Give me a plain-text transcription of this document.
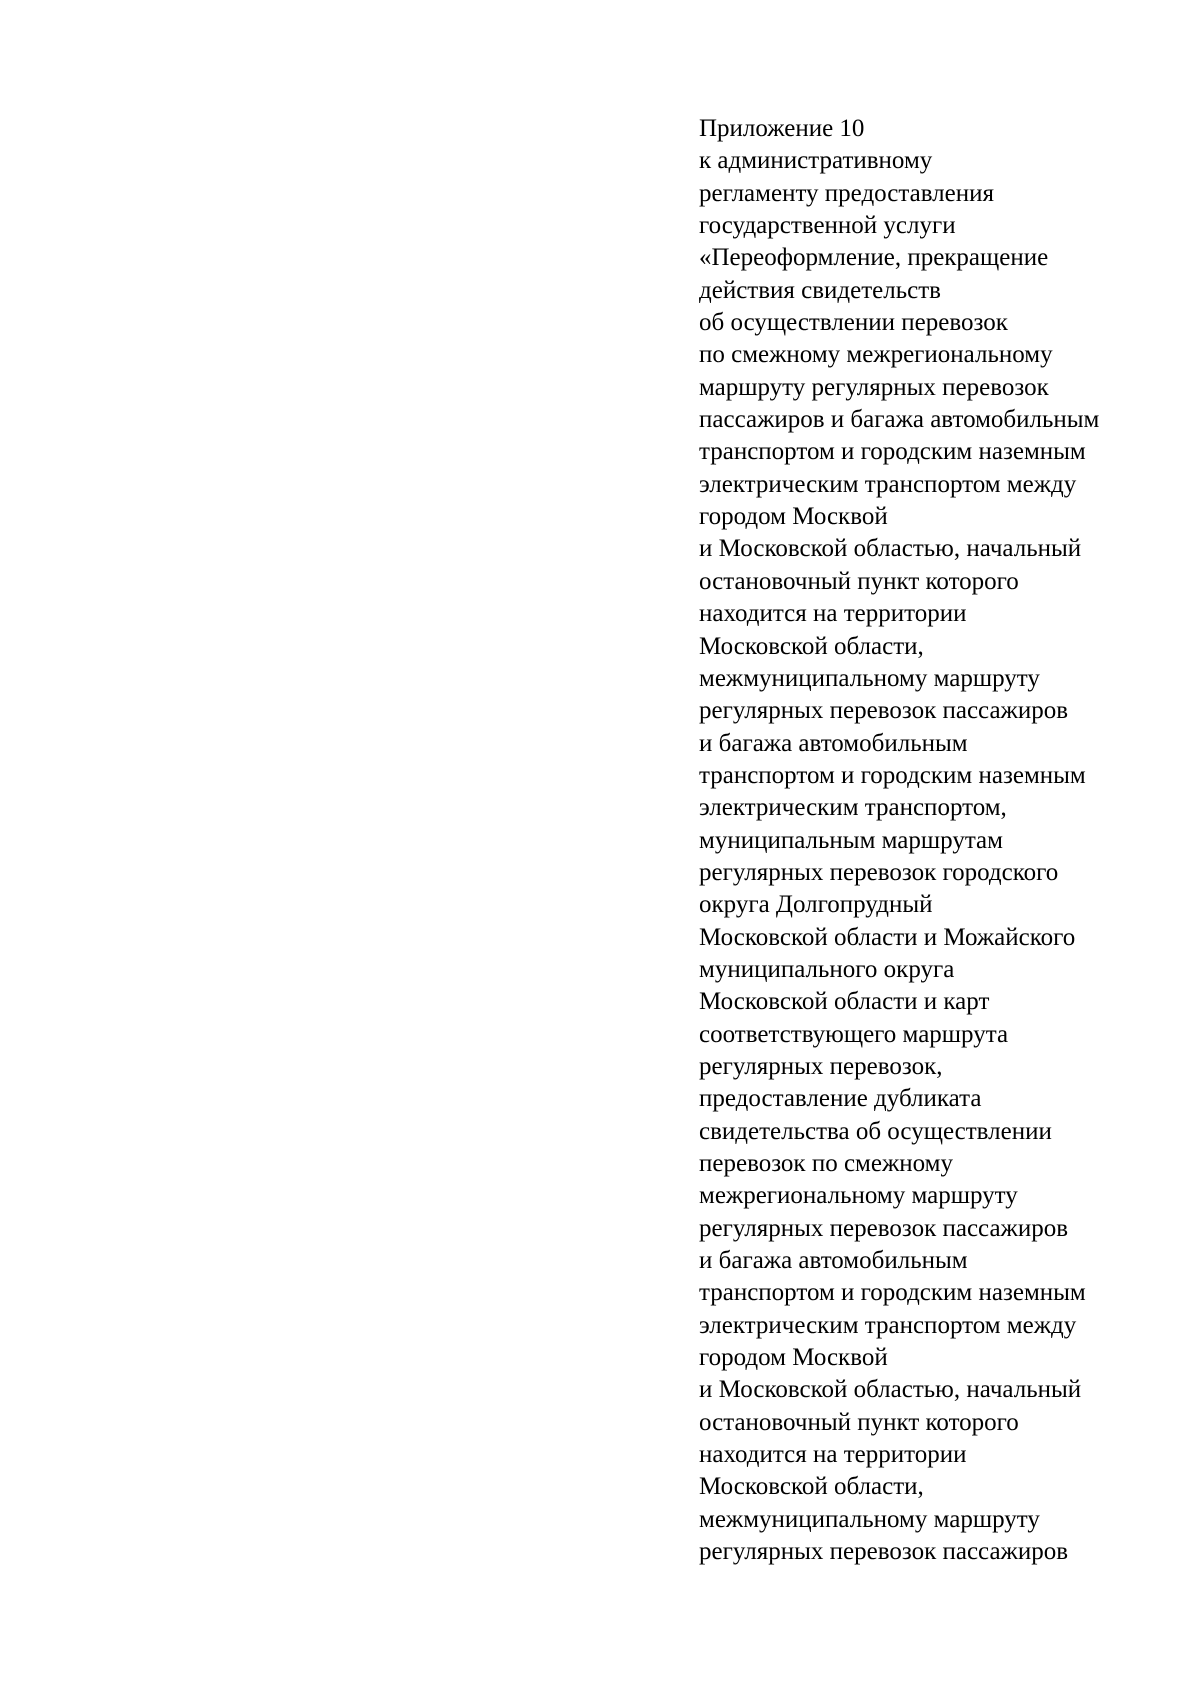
Приложение 10
к административному
регламенту предоставления
государственной услуги
«Переоформление, прекращение
действия свидетельств
об осуществлении перевозок
по смежному межрегиональному
маршруту регулярных перевозок
пассажиров и багажа автомобильным
транспортом и городским наземным
электрическим транспортом между
городом Москвой
и Московской областью, начальный
остановочный пункт которого
находится на территории
Московской области,
межмуниципальному маршруту
регулярных перевозок пассажиров
и багажа автомобильным
транспортом и городским наземным
электрическим транспортом,
муниципальным маршрутам
регулярных перевозок городского
округа Долгопрудный
Московской области и Можайского
муниципального округа
Московской области и карт
соответствующего маршрута
регулярных перевозок,
предоставление дубликата
свидетельства об осуществлении
перевозок по смежному
межрегиональному маршруту
регулярных перевозок пассажиров
и багажа автомобильным
транспортом и городским наземным
электрическим транспортом между
городом Москвой
и Московской областью, начальный
остановочный пункт которого
находится на территории
Московской области,
межмуниципальному маршруту
регулярных перевозок пассажиров
